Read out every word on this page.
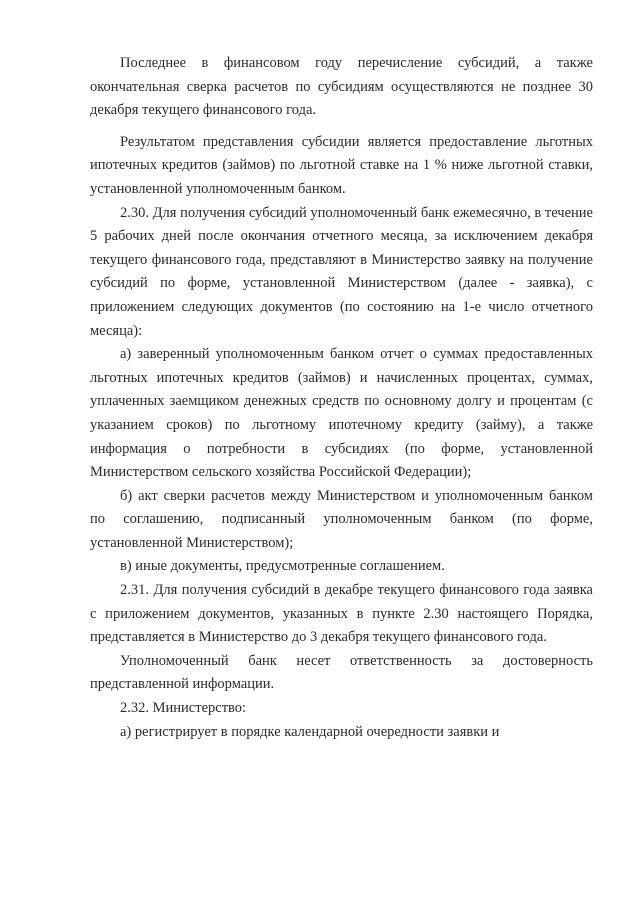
Последнее в финансовом году перечисление субсидий, а также окончательная сверка расчетов по субсидиям осуществляются не позднее 30 декабря текущего финансового года.

Результатом представления субсидии является предоставление льготных ипотечных кредитов (займов) по льготной ставке на 1 % ниже льготной ставки, установленной уполномоченным банком.

2.30. Для получения субсидий уполномоченный банк ежемесячно, в течение 5 рабочих дней после окончания отчетного месяца, за исключением декабря текущего финансового года, представляют в Министерство заявку на получение субсидий по форме, установленной Министерством (далее - заявка), с приложением следующих документов (по состоянию на 1-е число отчетного месяца):

а) заверенный уполномоченным банком отчет о суммах предоставленных льготных ипотечных кредитов (займов) и начисленных процентах, суммах, уплаченных заемщиком денежных средств по основному долгу и процентам (с указанием сроков) по льготному ипотечному кредиту (займу), а также информация о потребности в субсидиях (по форме, установленной Министерством сельского хозяйства Российской Федерации);

б) акт сверки расчетов между Министерством и уполномоченным банком по соглашению, подписанный уполномоченным банком (по форме, установленной Министерством);

в) иные документы, предусмотренные соглашением.

2.31. Для получения субсидий в декабре текущего финансового года заявка с приложением документов, указанных в пункте 2.30 настоящего Порядка, представляется в Министерство до 3 декабря текущего финансового года.

Уполномоченный банк несет ответственность за достоверность представленной информации.

2.32. Министерство:

а) регистрирует в порядке календарной очередности заявки и
